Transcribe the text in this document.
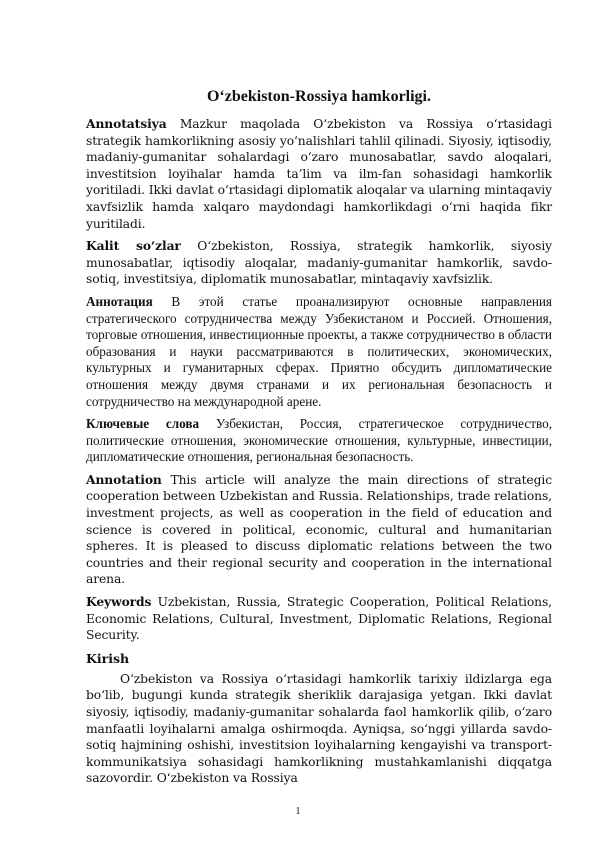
O‘zbekiston-Rossiya hamkorligi.

Annotatsiya Mazkur maqolada O‘zbekiston va Rossiya o‘rtasidagi strategik hamkorlikning asosiy yo‘nalishlari tahlil qilinadi. Siyosiy, iqtisodiy, madaniy-gumanitar sohalardagi o‘zaro munosabatlar, savdo aloqalari, investitsion loyihalar hamda ta’lim va ilm-fan sohasidagi hamkorlik yoritiladi. Ikki davlat o‘rtasidagi diplomatik aloqalar va ularning mintaqaviy xavfsizlik hamda xalqaro maydondagi hamkorlikdagi o‘rni haqida fikr yuritiladi.

Kalit so‘zlar O‘zbekiston, Rossiya, strategik hamkorlik, siyosiy munosabatlar, iqtisodiy aloqalar, madaniy-gumanitar hamkorlik, savdo-sotiq, investitsiya, diplomatik munosabatlar, mintaqaviy xavfsizlik.

Аннотация В этой статье проанализируют основные направления стратегического сотрудничества между Узбекистаном и Россией. Отношения, торговые отношения, инвестиционные проекты, а также сотрудничество в области образования и науки рассматриваются в политических, экономических, культурных и гуманитарных сферах. Приятно обсудить дипломатические отношения между двумя странами и их региональная безопасность и сотрудничество на международной арене.

Ключевые слова Узбекистан, Россия, стратегическое сотрудничество, политические отношения, экономические отношения, культурные, инвестиции, дипломатические отношения, региональная безопасность.

Annotation This article will analyze the main directions of strategic cooperation between Uzbekistan and Russia. Relationships, trade relations, investment projects, as well as cooperation in the field of education and science is covered in political, economic, cultural and humanitarian spheres. It is pleased to discuss diplomatic relations between the two countries and their regional security and cooperation in the international arena.

Keywords Uzbekistan, Russia, Strategic Cooperation, Political Relations, Economic Relations, Cultural, Investment, Diplomatic Relations, Regional Security.

Kirish

O‘zbekiston va Rossiya o‘rtasidagi hamkorlik tarixiy ildizlarga ega bo‘lib, bugungi kunda strategik sheriklik darajasiga yetgan. Ikki davlat siyosiy, iqtisodiy, madaniy-gumanitar sohalarda faol hamkorlik qilib, o‘zaro manfaatli loyihalarni amalga oshirmoqda. Ayniqsa, so‘nggi yillarda savdo-sotiq hajmining oshishi, investitsion loyihalarning kengayishi va transport-kommunikatsiya sohasidagi hamkorlikning mustahkamlanishi diqqatga sazovordir. O‘zbekiston va Rossiya

1
